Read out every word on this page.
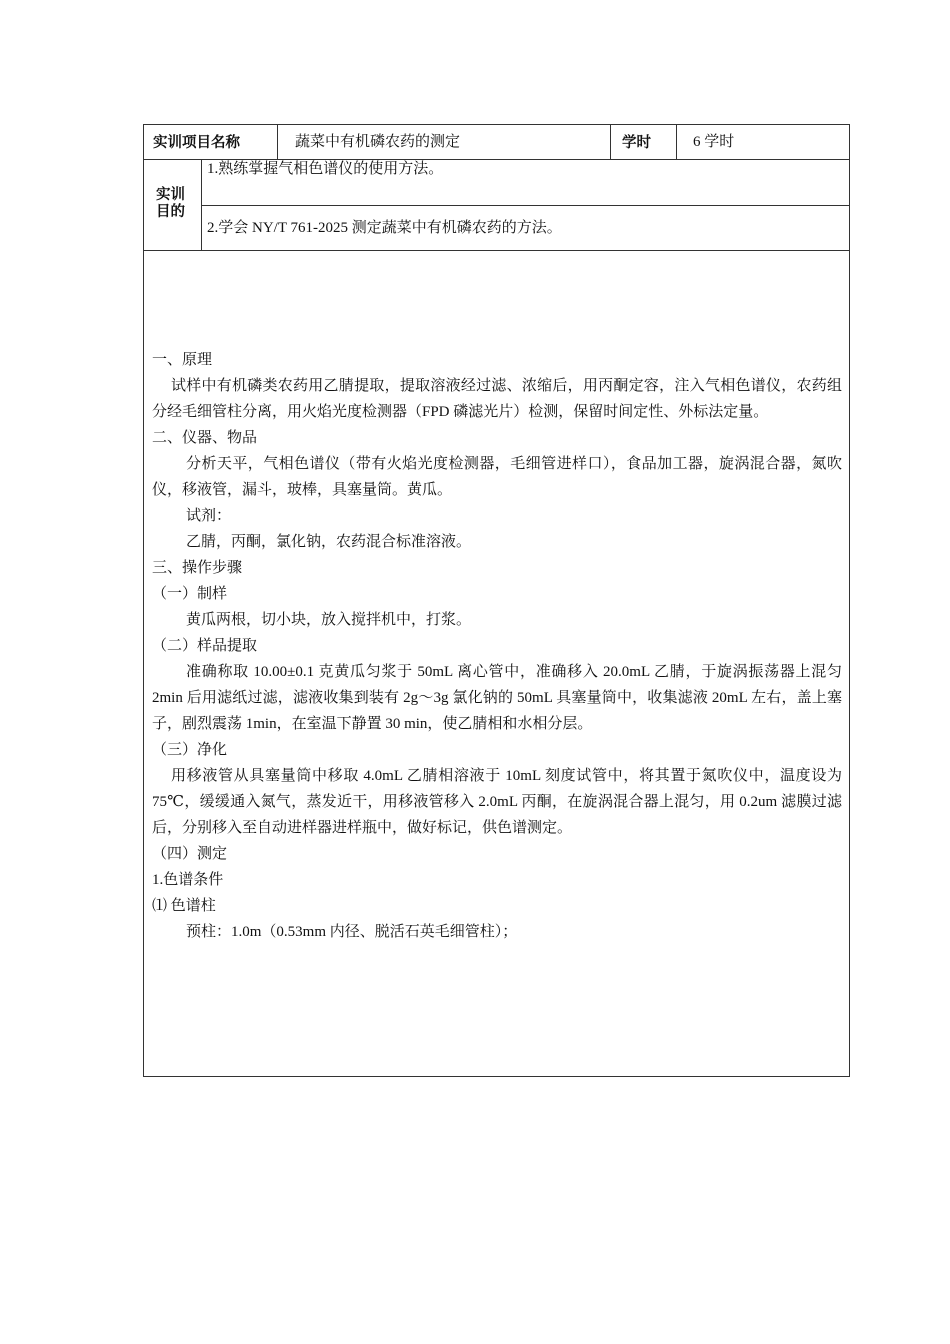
实训项目名称	蔬菜中有机磷农药的测定	学时	6 学时
实训
目的
1.熟练掌握气相色谱仪的使用方法。
2.学会 NY/T 761-2025 测定蔬菜中有机磷农药的方法。

一、原理

试样中有机磷类农药用乙腈提取，提取溶液经过滤、浓缩后，用丙酮定容，注入气相色谱仪，农药组分经毛细管柱分离，用火焰光度检测器（FPD 磷滤光片）检测，保留时间定性、外标法定量。

二、仪器、物品

分析天平，气相色谱仪（带有火焰光度检测器，毛细管进样口），食品加工器，旋涡混合器，氮吹仪，移液管，漏斗，玻棒，具塞量筒。黄瓜。

试剂：

乙腈，丙酮，氯化钠，农药混合标准溶液。

三、操作步骤

（一）制样

黄瓜两根，切小块，放入搅拌机中，打浆。

（二）样品提取

准确称取 10.00±0.1 克黄瓜匀浆于 50mL 离心管中，准确移入 20.0mL 乙腈，于旋涡振荡器上混匀 2min 后用滤纸过滤，滤液收集到装有 2g～3g 氯化钠的 50mL 具塞量筒中，收集滤液 20mL 左右，盖上塞子，剧烈震荡 1min，在室温下静置 30 min，使乙腈相和水相分层。

（三）净化

用移液管从具塞量筒中移取 4.0mL 乙腈相溶液于 10mL 刻度试管中，将其置于氮吹仪中，温度设为 75℃，缓缓通入氮气，蒸发近干，用移液管移入 2.0mL 丙酮，在旋涡混合器上混匀，用 0.2um 滤膜过滤后，分别移入至自动进样器进样瓶中，做好标记，供色谱测定。

（四）测定

1.色谱条件

⑴ 色谱柱

预柱：1.0m（0.53mm 内径、脱活石英毛细管柱）；
